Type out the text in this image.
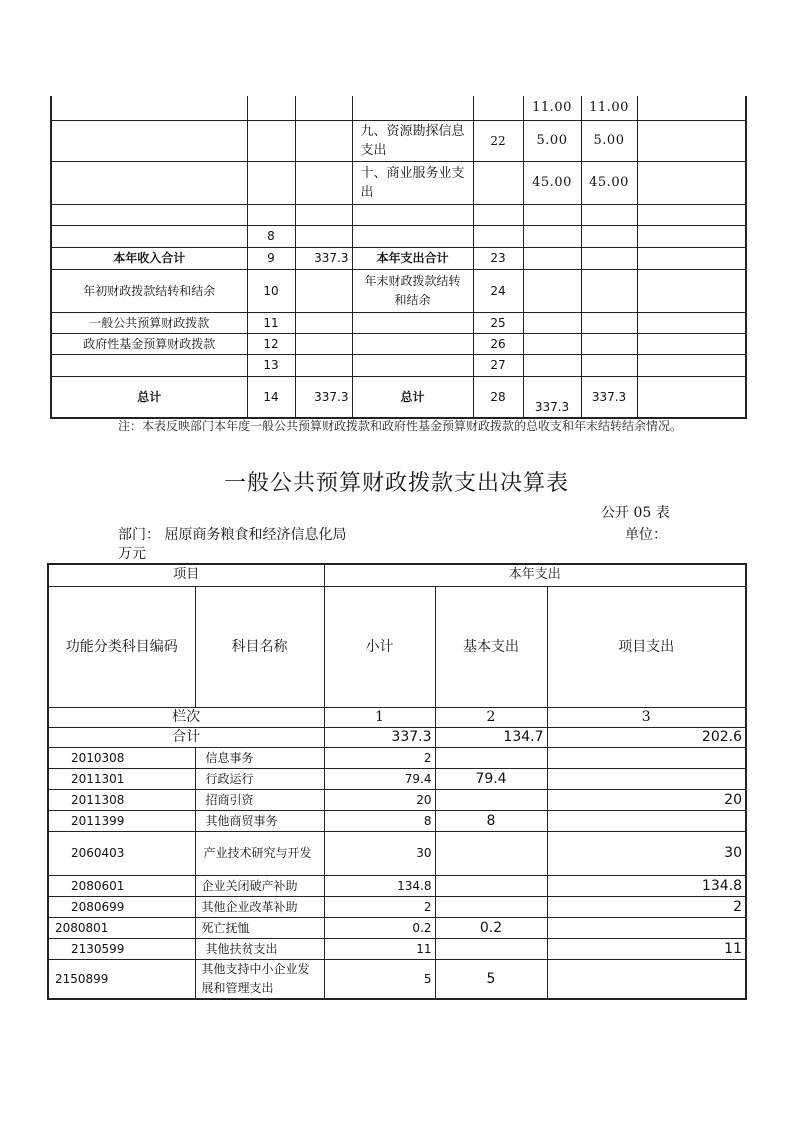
					11.00	11.00	
			九、资源勘探信息支出	22	5.00	5.00	
			十、商业服务业支出		45.00	45.00	

	8						
本年收入合计	9	337.3	本年支出合计	23			
年初财政拨款结转和结余	10		年末财政拨款结转和结余	24			
一般公共预算财政拨款	11			25			
政府性基金预算财政拨款	12			26			
	13			27			
总计	14	337.3	总计	28	337.3	337.3	
注：本表反映部门本年度一般公共预算财政拨款和政府性基金预算财政拨款的总收支和年末结转结余情况。
一般公共预算财政拨款支出决算表
公开 05 表
部门： 屈原商务粮食和经济信息化局	单位：
万元
项目		本年支出		
功能分类科目编码	科目名称	小计	基本支出	项目支出
栏次		1	2	3
合计		337.3	134.7	202.6
2010308	信息事务	2		
2011301	行政运行	79.4	79.4	
2011308	招商引资	20		20
2011399	其他商贸事务	8	8	
2060403	产业技术研究与开发	30		30
2080601	企业关闭破产补助	134.8		134.8
2080699	其他企业改革补助	2		2
2080801	死亡抚恤	0.2	0.2	
2130599	其他扶贫支出	11		11
2150899	其他支持中小企业发展和管理支出	5	5	
